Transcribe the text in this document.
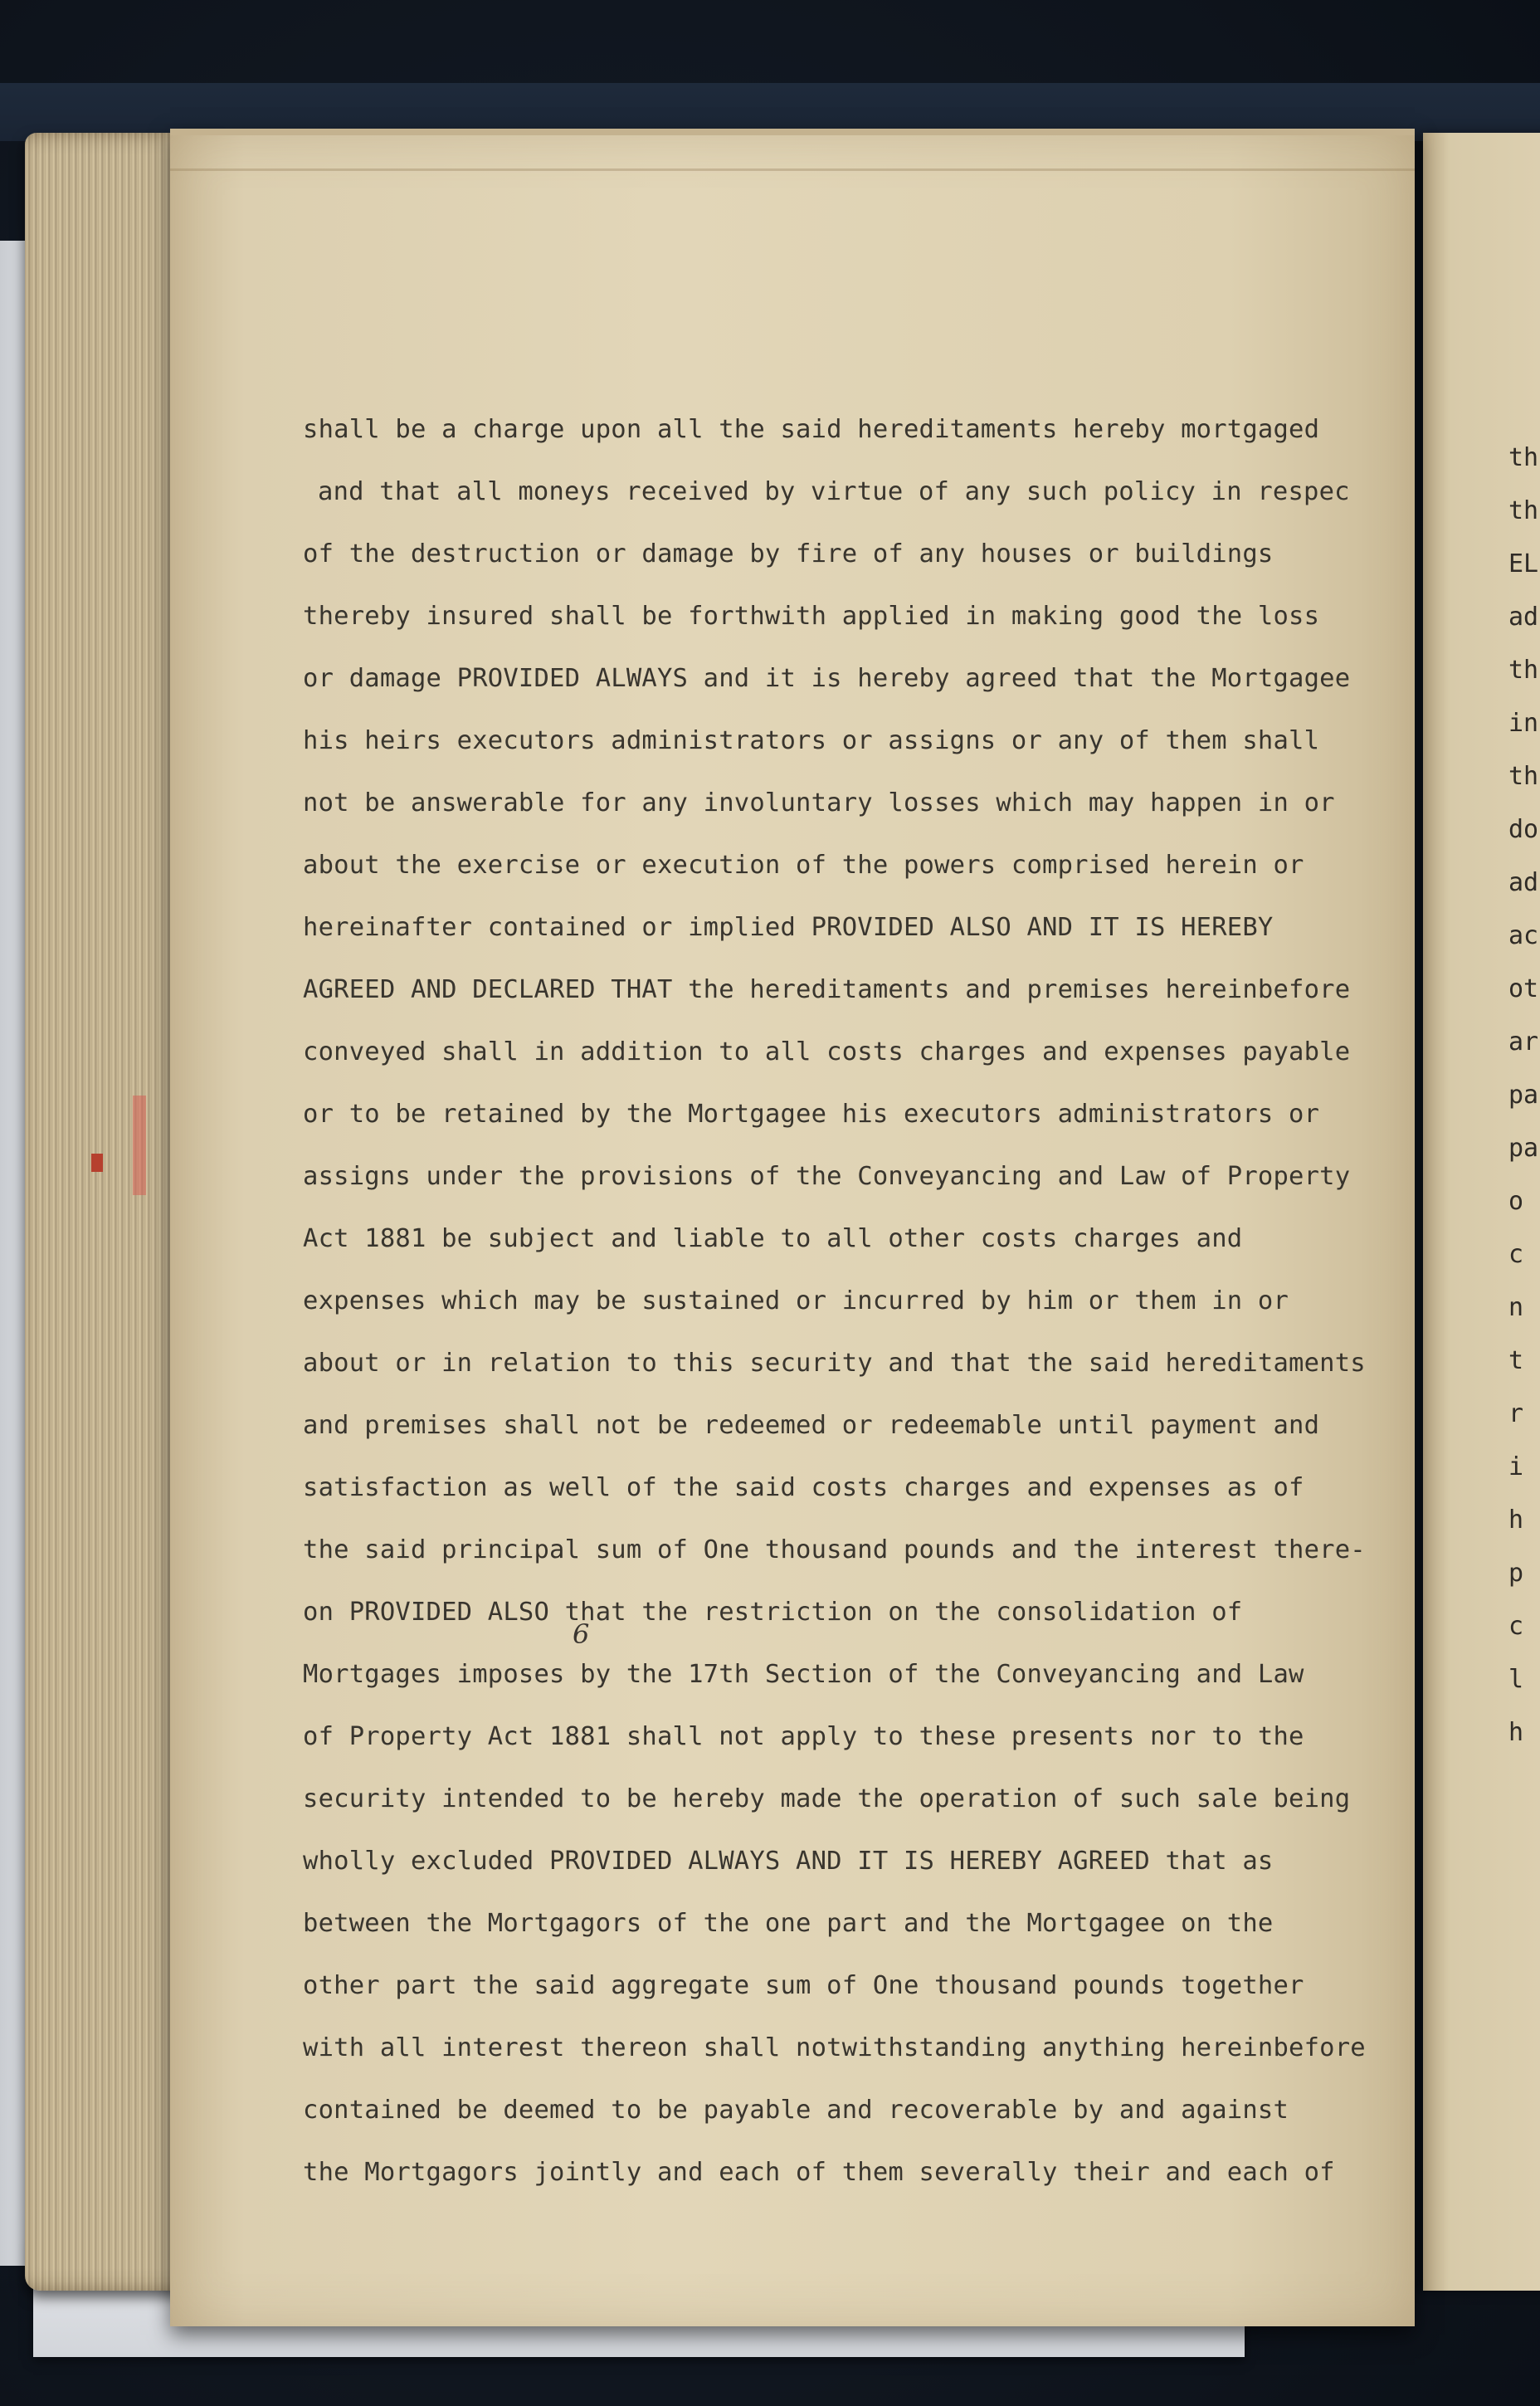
shall be a charge upon all the said hereditaments hereby mortgaged
and that all moneys received by virtue of any such policy in respec
of the destruction or damage by fire of any houses or buildings
thereby insured shall be forthwith applied in making good the loss
or damage PROVIDED ALWAYS and it is hereby agreed that the Mortgagee
his heirs executors administrators or assigns or any of them shall
not be answerable for any involuntary losses which may happen in or
about the exercise or execution of the powers comprised herein or
hereinafter contained or implied PROVIDED ALSO AND IT IS HEREBY
AGREED AND DECLARED THAT the hereditaments and premises hereinbefore
conveyed shall in addition to all costs charges and expenses payable
or to be retained by the Mortgagee his executors administrators or
assigns under the provisions of the Conveyancing and Law of Property
Act 1881 be subject and liable to all other costs charges and
expenses which may be sustained or incurred by him or them in or
about or in relation to this security and that the said hereditaments
and premises shall not be redeemed or redeemable until payment and
satisfaction as well of the said costs charges and expenses as of
the said principal sum of One thousand pounds and the interest there-
on PROVIDED ALSO that the restriction on the consolidation of
Mortgages imposes by the 17th Section of the Conveyancing and Law
of Property Act 1881 shall not apply to these presents nor to the
security intended to be hereby made the operation of such sale being
wholly excluded PROVIDED ALWAYS AND IT IS HEREBY AGREED that as
between the Mortgagors of the one part and the Mortgagee on the
other part the said aggregate sum of One thousand pounds together
with all interest thereon shall notwithstanding anything hereinbefore
contained be deemed to be payable and recoverable by and against
the Mortgagors jointly and each of them severally their and each of
6
th
th
EL
ad
th
in
th
do
ad
ac
ot
ar
pa
pa
o
c
n
t
r
i
h
p
c
l
h
